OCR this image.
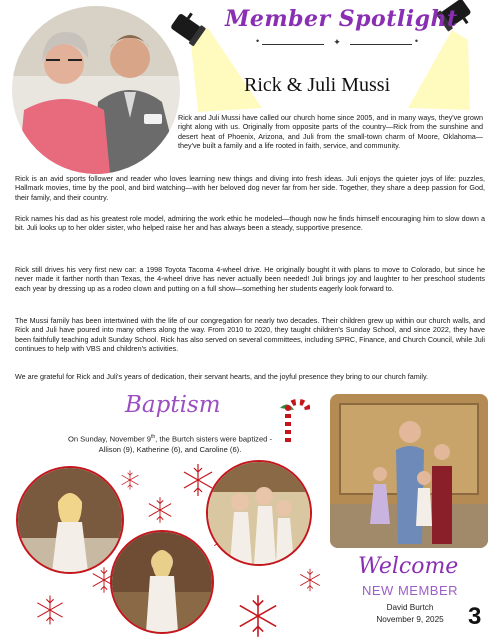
Member Spotlight
• ✦
•
Rick & Juli Mussi
Rick and Juli Mussi have called our church home since 2005, and in many ways, they've grown right along with us. Originally from opposite parts of the country—Rick from the sunshine and desert heat of Phoenix, Arizona, and Juli from the small-town charm of Moore, Oklahoma—they've built a family and a life rooted in faith, service, and community.
Rick is an avid sports follower and reader who loves learning new things and diving into fresh ideas. Juli enjoys the quieter joys of life: puzzles, Hallmark movies, time by the pool, and bird watching—with her beloved dog never far from her side. Together, they share a deep passion for God, their family, and their country.
Rick names his dad as his greatest role model, admiring the work ethic he modeled—though now he finds himself encouraging him to slow down a bit. Juli looks up to her older sister, who helped raise her and has always been a steady, supportive presence.
Rick still drives his very first new car: a 1998 Toyota Tacoma 4-wheel drive. He originally bought it with plans to move to Colorado, but since he never made it farther north than Texas, the 4-wheel drive has never actually been needed! Juli brings joy and laughter to her preschool students each year by dressing up as a rodeo clown and putting on a full show—something her students eagerly look forward to.
The Mussi family has been intertwined with the life of our congregation for nearly two decades. Their children grew up within our church walls, and Rick and Juli have poured into many others along the way. From 2010 to 2020, they taught children's Sunday School, and since 2022, they have been faithfully teaching adult Sunday School. Rick has also served on several committees, including SPRC, Finance, and Church Council, while Juli continues to help with VBS and children's activities.
We are grateful for Rick and Juli's years of dedication, their servant hearts, and the joyful presence they bring to our church family.
Baptism
On Sunday, November 9th, the Burtch sisters were baptized - Allison (9), Katherine (6), and Caroline (6).
Welcome
NEW MEMBER
David Burtch
November 9, 2025	3
